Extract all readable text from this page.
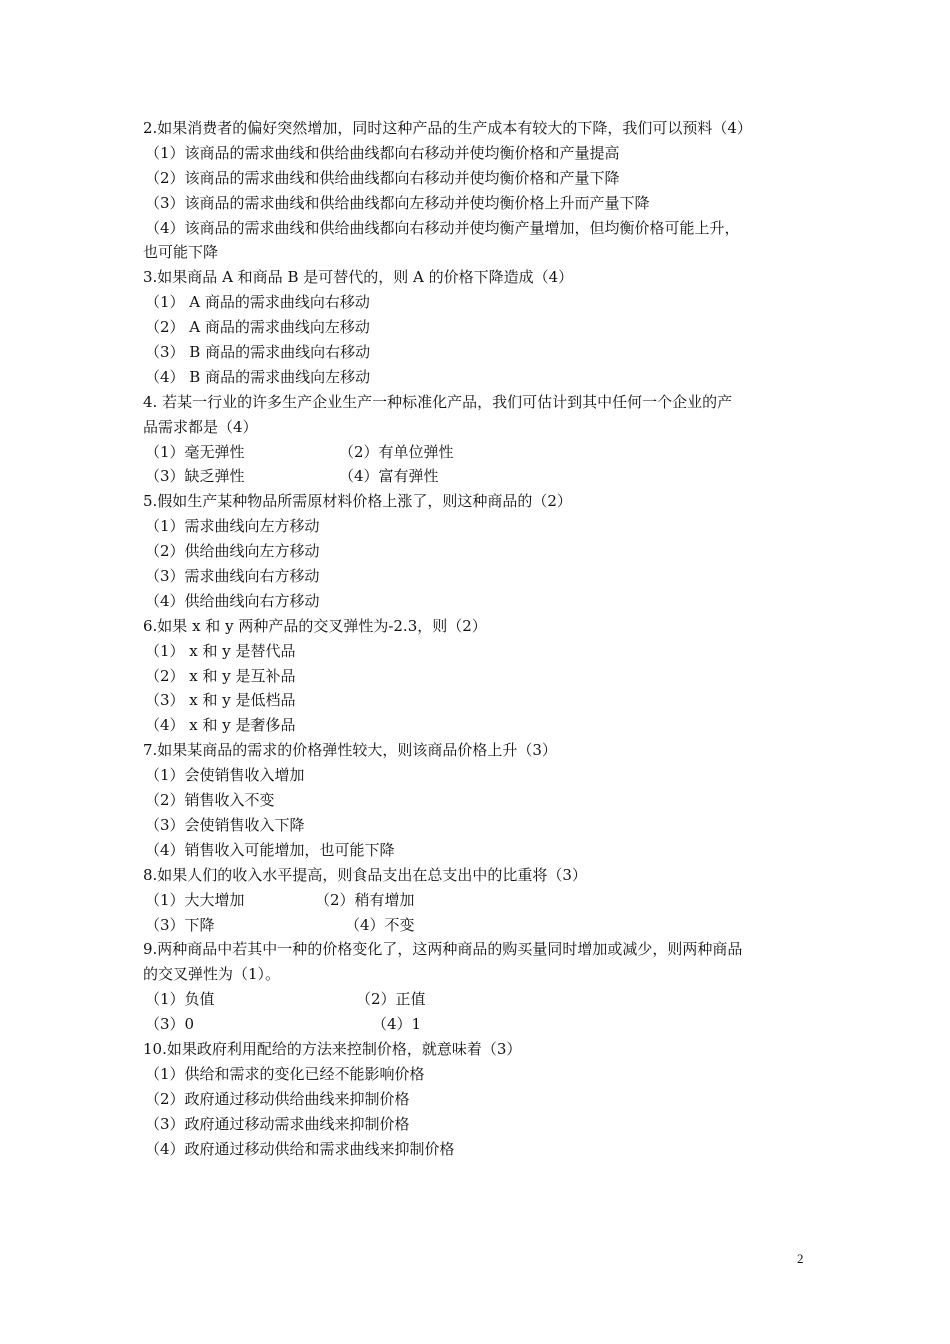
2.如果消费者的偏好突然增加，同时这种产品的生产成本有较大的下降，我们可以预料（4）
（1）该商品的需求曲线和供给曲线都向右移动并使均衡价格和产量提高
（2）该商品的需求曲线和供给曲线都向右移动并使均衡价格和产量下降
（3）该商品的需求曲线和供给曲线都向左移动并使均衡价格上升而产量下降
（4）该商品的需求曲线和供给曲线都向右移动并使均衡产量增加，但均衡价格可能上升，
也可能下降
3.如果商品 A 和商品 B 是可替代的，则 A 的价格下降造成（4）
（1） A 商品的需求曲线向右移动
（2） A 商品的需求曲线向左移动
（3） B 商品的需求曲线向右移动
（4） B 商品的需求曲线向左移动
4. 若某一行业的许多生产企业生产一种标准化产品，我们可估计到其中任何一个企业的产
品需求都是（4）
（1）毫无弹性	（2）有单位弹性
（3）缺乏弹性	（4）富有弹性
5.假如生产某种物品所需原材料价格上涨了，则这种商品的（2）
（1）需求曲线向左方移动
（2）供给曲线向左方移动
（3）需求曲线向右方移动
（4）供给曲线向右方移动
6.如果 x 和 y 两种产品的交叉弹性为-2.3，则（2）
（1） x 和 y 是替代品
（2） x 和 y 是互补品
（3） x 和 y 是低档品
（4） x 和 y 是奢侈品
7.如果某商品的需求的价格弹性较大，则该商品价格上升（3）
（1）会使销售收入增加
（2）销售收入不变
（3）会使销售收入下降
（4）销售收入可能增加，也可能下降
8.如果人们的收入水平提高，则食品支出在总支出中的比重将（3）
（1）大大增加	（2）稍有增加
（3）下降	（4）不变
9.两种商品中若其中一种的价格变化了，这两种商品的购买量同时增加或减少，则两种商品
的交叉弹性为（1）。
（1）负值	（2）正值
（3）0	（4）1
10.如果政府利用配给的方法来控制价格，就意味着（3）
（1）供给和需求的变化已经不能影响价格
（2）政府通过移动供给曲线来抑制价格
（3）政府通过移动需求曲线来抑制价格
（4）政府通过移动供给和需求曲线来抑制价格
2
